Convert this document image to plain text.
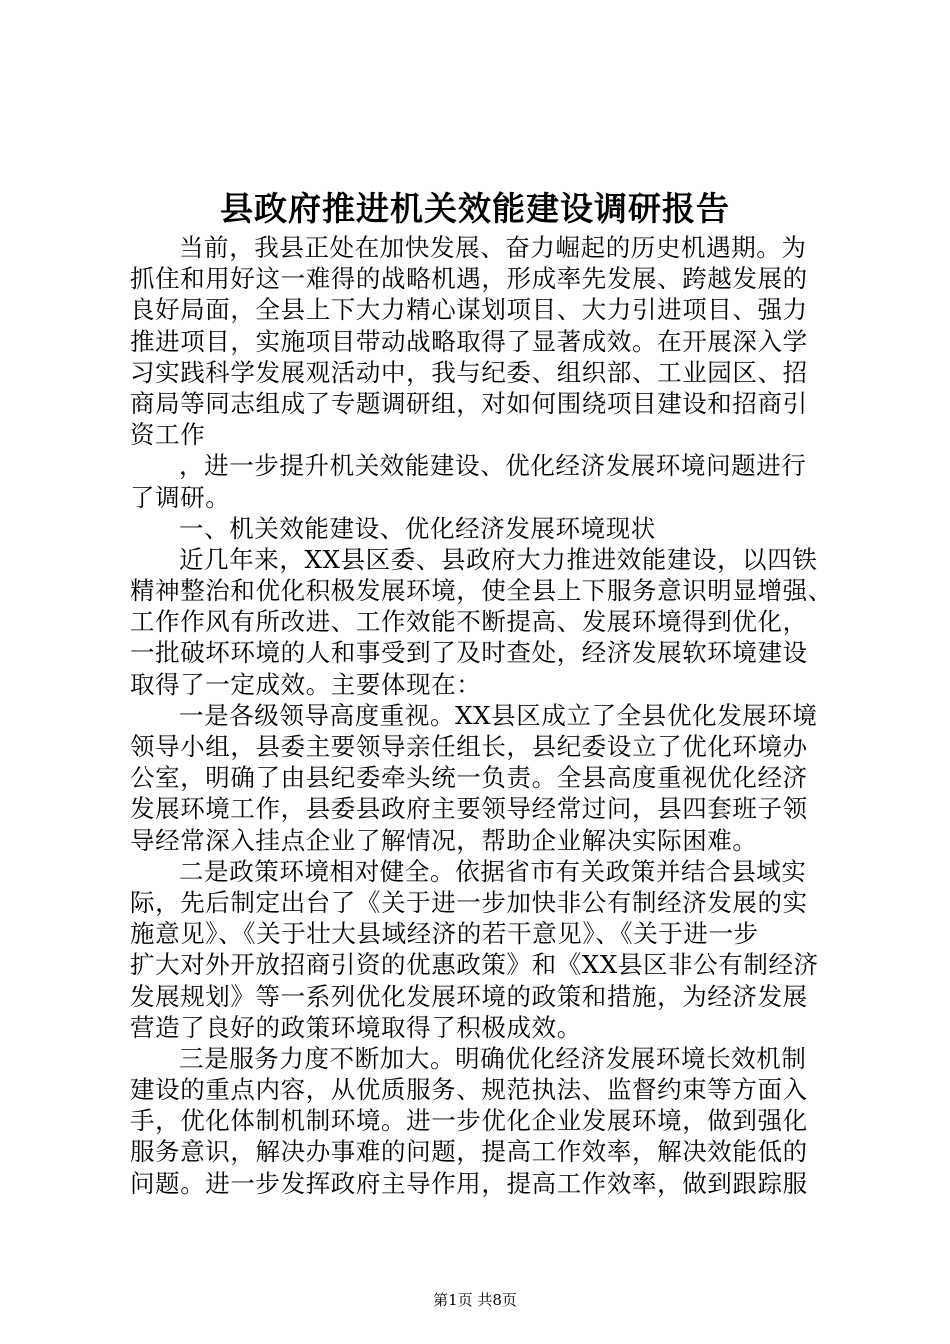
县政府推进机关效能建设调研报告
当前，我县正处在加快发展、奋力崛起的历史机遇期。为
抓住和用好这一难得的战略机遇，形成率先发展、跨越发展的
良好局面，全县上下大力精心谋划项目、大力引进项目、强力
推进项目，实施项目带动战略取得了显著成效。在开展深入学
习实践科学发展观活动中，我与纪委、组织部、工业园区、招
商局等同志组成了专题调研组，对如何围绕项目建设和招商引
资工作
，进一步提升机关效能建设、优化经济发展环境问题进行
了调研。
一、机关效能建设、优化经济发展环境现状
近几年来，XX县区委、县政府大力推进效能建设，以四铁
精神整治和优化积极发展环境，使全县上下服务意识明显增强、
工作作风有所改进、工作效能不断提高、发展环境得到优化，
一批破坏环境的人和事受到了及时查处，经济发展软环境建设
取得了一定成效。主要体现在：
一是各级领导高度重视。XX县区成立了全县优化发展环境
领导小组，县委主要领导亲任组长，县纪委设立了优化环境办
公室，明确了由县纪委牵头统一负责。全县高度重视优化经济
发展环境工作，县委县政府主要领导经常过问，县四套班子领
导经常深入挂点企业了解情况，帮助企业解决实际困难。
二是政策环境相对健全。依据省市有关政策并结合县域实
际，先后制定出台了《关于进一步加快非公有制经济发展的实
施意见》、《关于壮大县域经济的若干意见》、《关于进一步
扩大对外开放招商引资的优惠政策》和《XX县区非公有制经济
发展规划》等一系列优化发展环境的政策和措施，为经济发展
营造了良好的政策环境取得了积极成效。
三是服务力度不断加大。明确优化经济发展环境长效机制
建设的重点内容，从优质服务、规范执法、监督约束等方面入
手，优化体制机制环境。进一步优化企业发展环境，做到强化
服务意识，解决办事难的问题，提高工作效率，解决效能低的
问题。进一步发挥政府主导作用，提高工作效率，做到跟踪服
第1页 共8页
